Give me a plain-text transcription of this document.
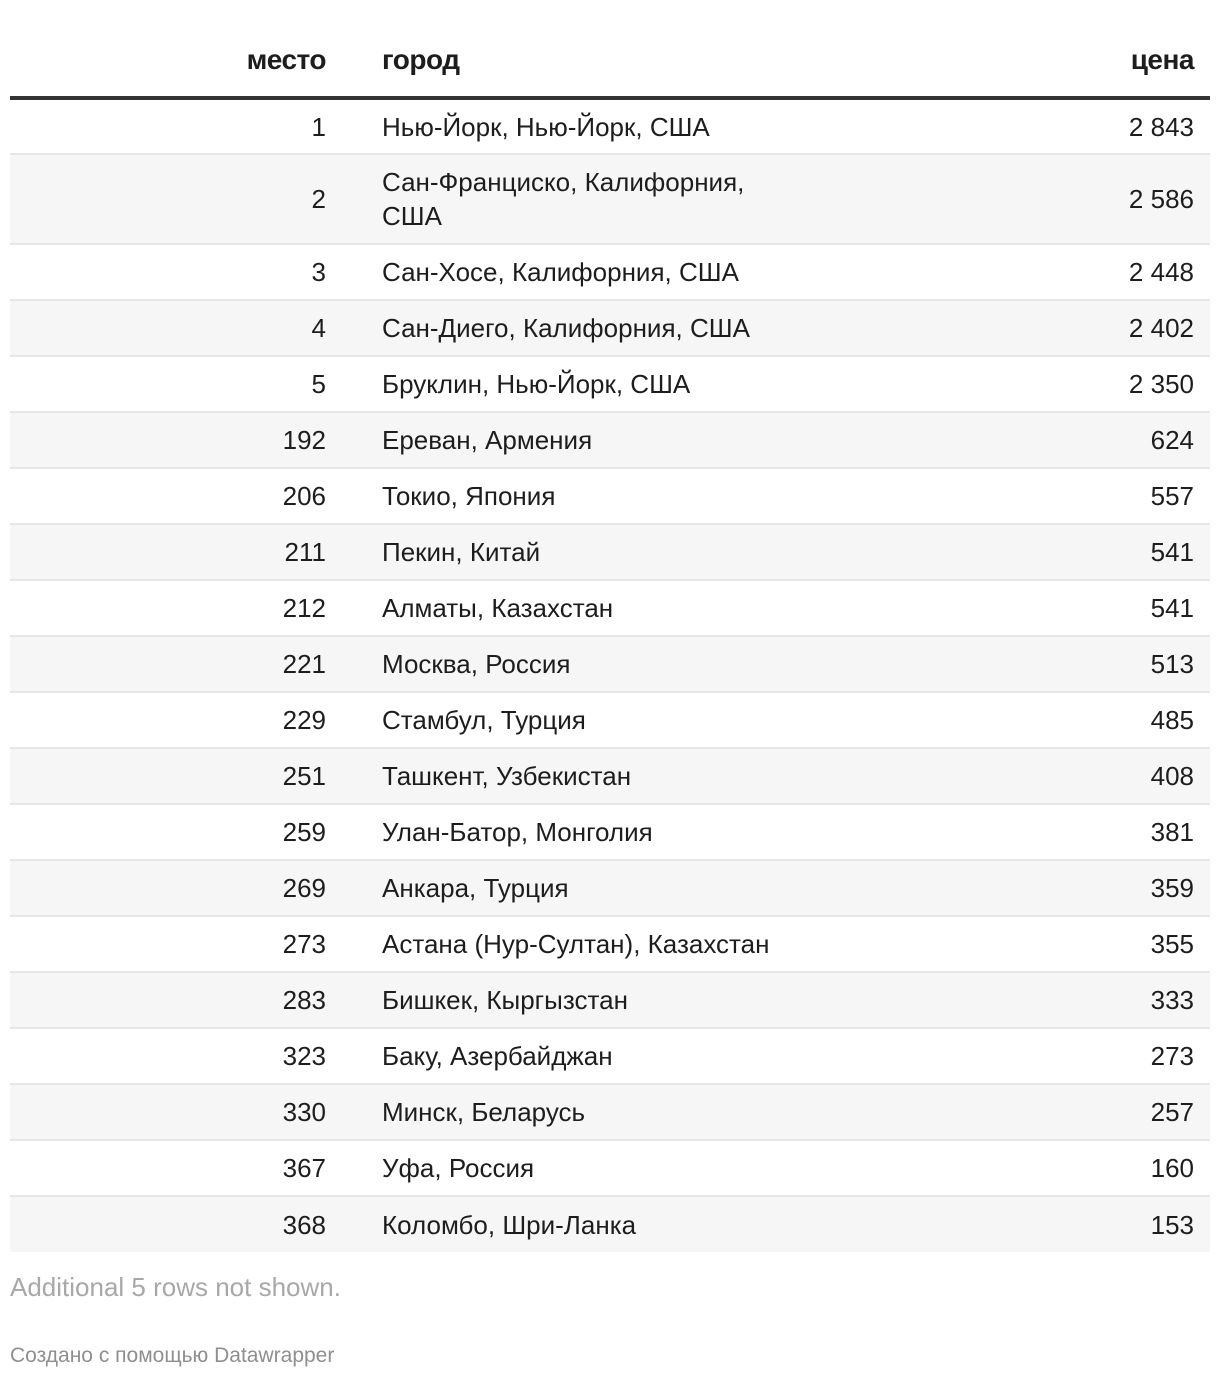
место	город	цена
1	Нью-Йорк, Нью-Йорк, США	2 843
2	Сан-Франциско, Калифорния, США	2 586
3	Сан-Хосе, Калифорния, США	2 448
4	Сан-Диего, Калифорния, США	2 402
5	Бруклин, Нью-Йорк, США	2 350
192	Ереван, Армения	624
206	Токио, Япония	557
211	Пекин, Китай	541
212	Алматы, Казахстан	541
221	Москва, Россия	513
229	Стамбул, Турция	485
251	Ташкент, Узбекистан	408
259	Улан-Батор, Монголия	381
269	Анкара, Турция	359
273	Астана (Нур-Султан), Казахстан	355
283	Бишкек, Кыргызстан	333
323	Баку, Азербайджан	273
330	Минск, Беларусь	257
367	Уфа, Россия	160
368	Коломбо, Шри-Ланка	153
Additional 5 rows not shown.
Создано с помощью Datawrapper
